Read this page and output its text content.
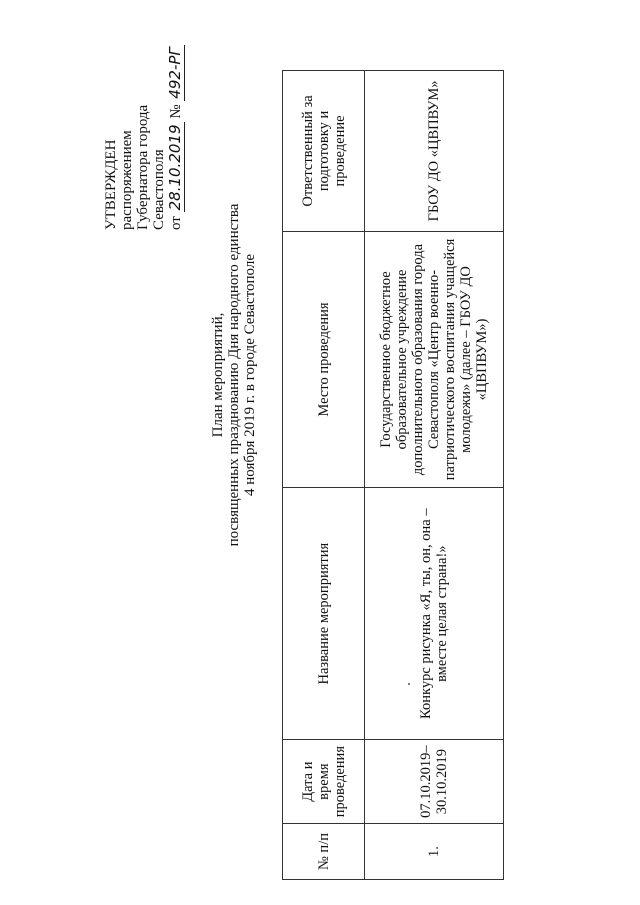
УТВЕРЖДЕН распоряжением Губернатора города Севастополя от 28.10.2019 № 492-РГ
План мероприятий, посвященных празднованию Дня народного единства 4 ноября 2019 г. в городе Севастополе
№ п/п	Дата и время проведения	Название мероприятия	Место проведения	Ответственный за подготовку и проведение
1.	07.10.2019– 30.10.2019	Конкурс рисунка «Я, ты, он, она – вместе целая страна!»	Государственное бюджетное образовательное учреждение дополнительного образования города Севастополя «Центр военно-патриотического воспитания учащейся молодежи» (далее – ГБОУ ДО «ЦВПВУМ»)	ГБОУ ДО «ЦВПВУМ»
